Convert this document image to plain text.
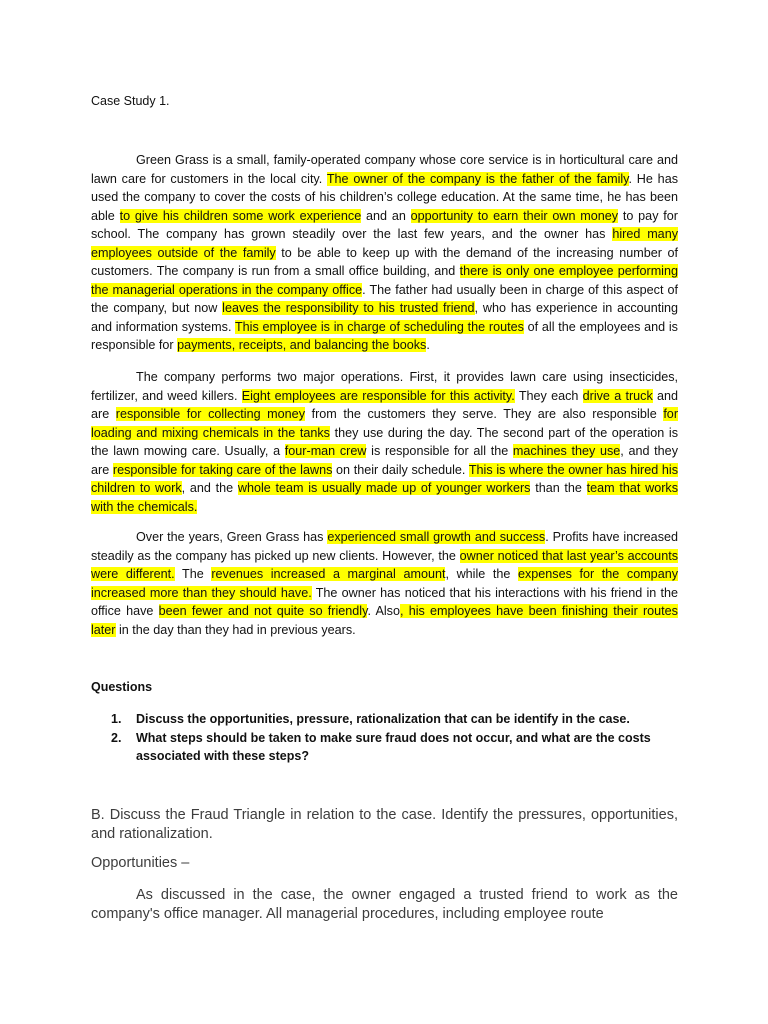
Case Study 1.

Green Grass is a small, family-operated company whose core service is in horticultural care and lawn care for customers in the local city. The owner of the company is the father of the family. He has used the company to cover the costs of his children’s college education. At the same time, he has been able to give his children some work experience and an opportunity to earn their own money to pay for school. The company has grown steadily over the last few years, and the owner has hired many employees outside of the family to be able to keep up with the demand of the increasing number of customers. The company is run from a small office building, and there is only one employee performing the managerial operations in the company office. The father had usually been in charge of this aspect of the company, but now leaves the responsibility to his trusted friend, who has experience in accounting and information systems. This employee is in charge of scheduling the routes of all the employees and is responsible for payments, receipts, and balancing the books.

The company performs two major operations. First, it provides lawn care using insecticides, fertilizer, and weed killers. Eight employees are responsible for this activity. They each drive a truck and are responsible for collecting money from the customers they serve. They are also responsible for loading and mixing chemicals in the tanks they use during the day. The second part of the operation is the lawn mowing care. Usually, a four-man crew is responsible for all the machines they use, and they are responsible for taking care of the lawns on their daily schedule. This is where the owner has hired his children to work, and the whole team is usually made up of younger workers than the team that works with the chemicals.

Over the years, Green Grass has experienced small growth and success. Profits have increased steadily as the company has picked up new clients. However, the owner noticed that last year’s accounts were different. The revenues increased a marginal amount, while the expenses for the company increased more than they should have. The owner has noticed that his interactions with his friend in the office have been fewer and not quite so friendly. Also, his employees have been finishing their routes later in the day than they had in previous years.

Questions
1. Discuss the opportunities, pressure, rationalization that can be identify in the case.
2. What steps should be taken to make sure fraud does not occur, and what are the costs associated with these steps?

B. Discuss the Fraud Triangle in relation to the case. Identify the pressures, opportunities, and rationalization.

Opportunities –

As discussed in the case, the owner engaged a trusted friend to work as the company's office manager. All managerial procedures, including employee route
